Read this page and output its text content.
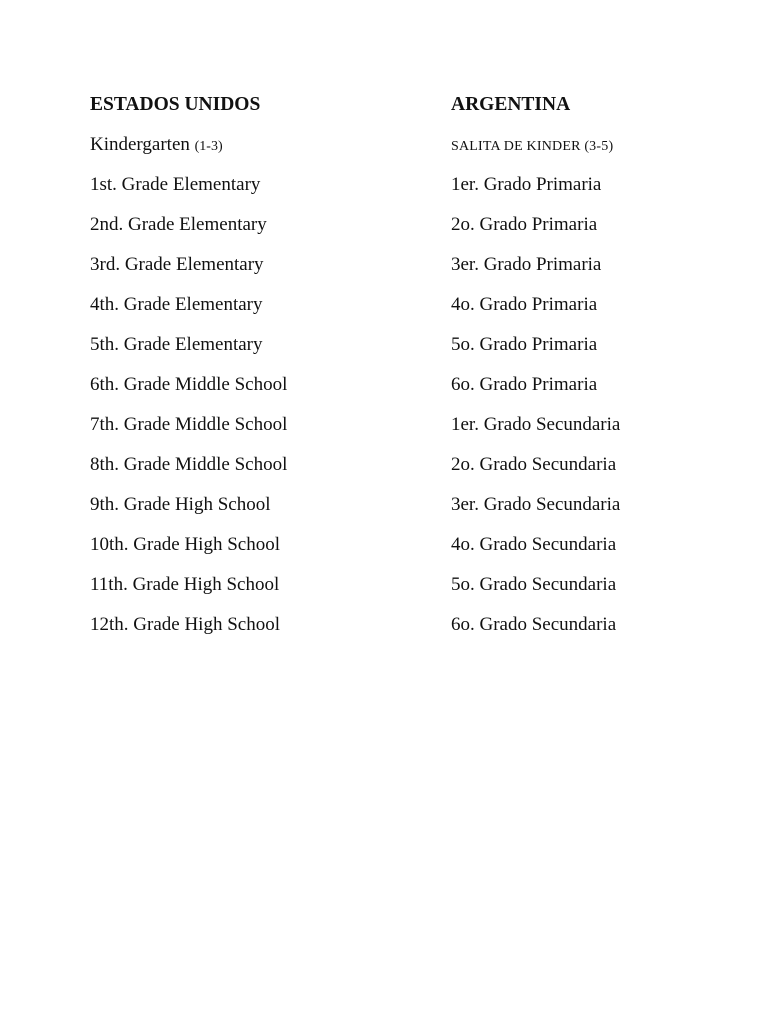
ESTADOS UNIDOS
Kindergarten (1-3)
1st. Grade Elementary
2nd. Grade Elementary
3rd. Grade Elementary
4th. Grade Elementary
5th. Grade Elementary
6th. Grade Middle School
7th. Grade Middle School
8th. Grade Middle School
9th. Grade High School
10th. Grade High School
11th. Grade High School
12th. Grade High School
ARGENTINA
SALITA DE KINDER (3-5)
1er. Grado Primaria
2o. Grado Primaria
3er. Grado Primaria
4o. Grado Primaria
5o. Grado Primaria
6o. Grado Primaria
1er. Grado Secundaria
2o. Grado Secundaria
3er. Grado Secundaria
4o. Grado Secundaria
5o. Grado Secundaria
6o. Grado Secundaria
